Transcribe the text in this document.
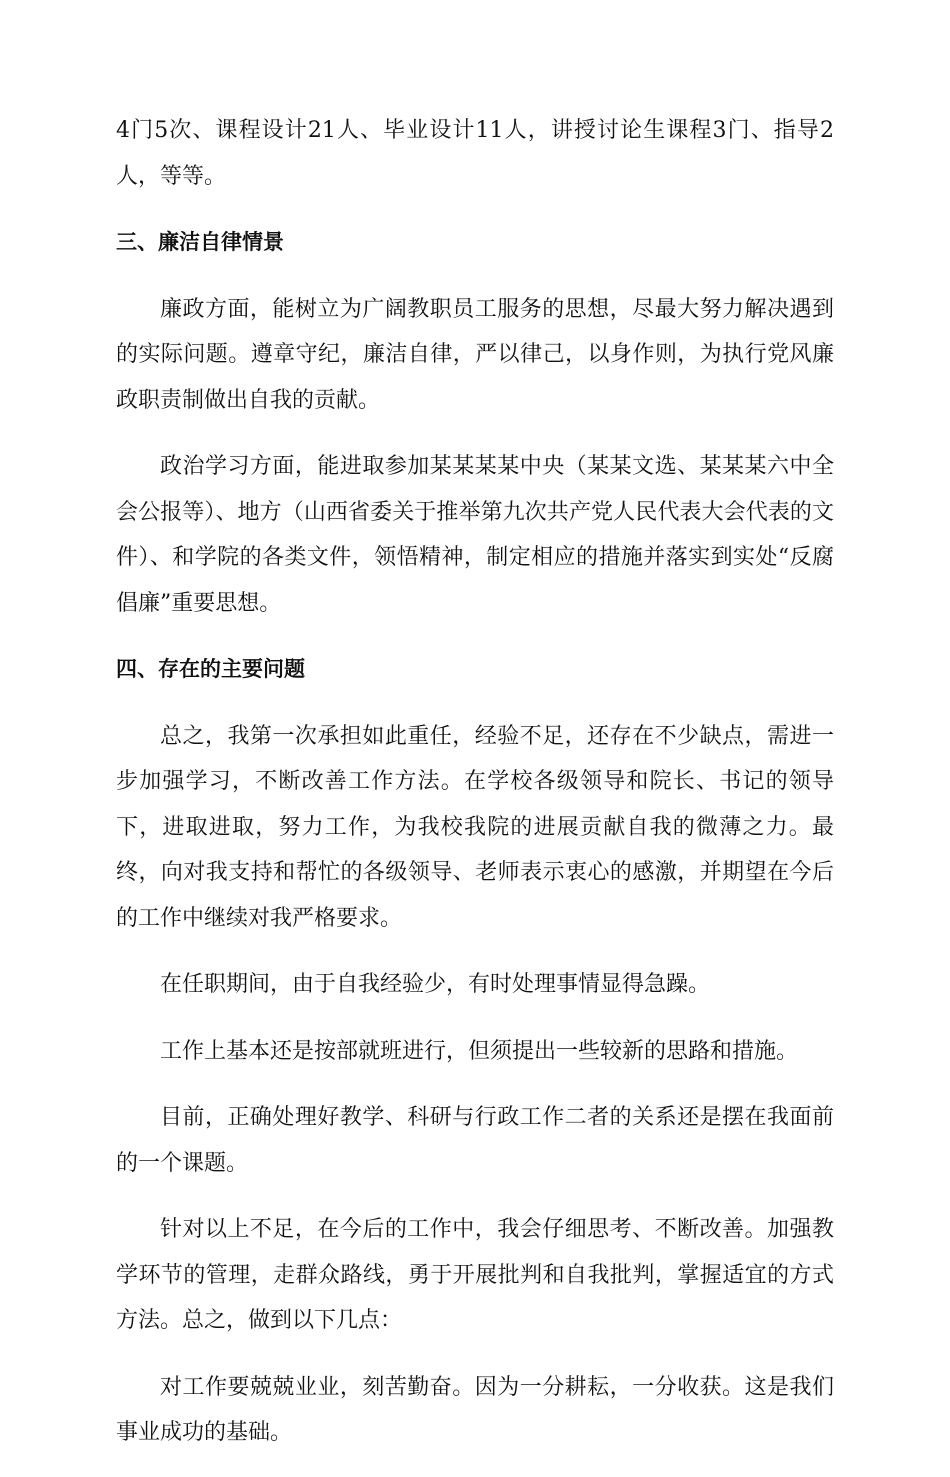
4门5次、课程设计21人、毕业设计11人，讲授讨论生课程3门、指导2人，等等。

三、廉洁自律情景

廉政方面，能树立为广阔教职员工服务的思想，尽最大努力解决遇到的实际问题。遵章守纪，廉洁自律，严以律己，以身作则，为执行党风廉政职责制做出自我的贡献。

政治学习方面，能进取参加某某某某中央（某某文选、某某某六中全会公报等）、地方（山西省委关于推举第九次共产党人民代表大会代表的文件）、和学院的各类文件，领悟精神，制定相应的措施并落实到实处“反腐倡廉”重要思想。

四、存在的主要问题

总之，我第一次承担如此重任，经验不足，还存在不少缺点，需进一步加强学习，不断改善工作方法。在学校各级领导和院长、书记的领导下，进取进取，努力工作，为我校我院的进展贡献自我的微薄之力。最终，向对我支持和帮忙的各级领导、老师表示衷心的感激，并期望在今后的工作中继续对我严格要求。

在任职期间，由于自我经验少，有时处理事情显得急躁。

工作上基本还是按部就班进行，但须提出一些较新的思路和措施。

目前，正确处理好教学、科研与行政工作二者的关系还是摆在我面前的一个课题。

针对以上不足，在今后的工作中，我会仔细思考、不断改善。加强教学环节的管理，走群众路线，勇于开展批判和自我批判，掌握适宜的方式方法。总之，做到以下几点：

对工作要兢兢业业，刻苦勤奋。因为一分耕耘，一分收获。这是我们事业成功的基础。
